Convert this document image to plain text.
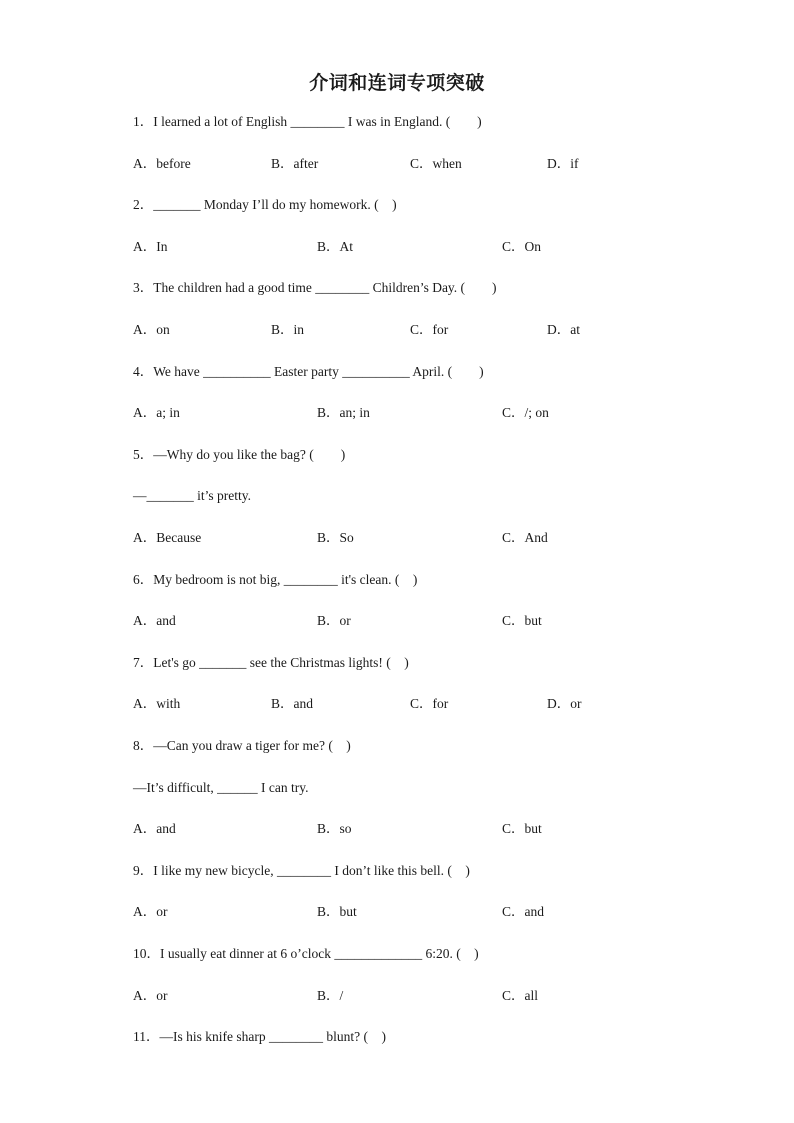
介词和连词专项突破
1．I learned a lot of English ________ I was in England. (　　)
A．before	B．after	C．when	D．if
2．_______ Monday I’ll do my homework. (　)
A．In	B．At	C．On
3．The children had a good time ________ Children’s Day. (　　)
A．on	B．in	C．for	D．at
4．We have __________ Easter party __________ April. (　　)
A．a; in	B．an; in	C．/; on
5．—Why do you like the bag? (　　)
—_______ it’s pretty.
A．Because	B．So	C．And
6．My bedroom is not big, ________ it's clean. (　)
A．and	B．or	C．but
7．Let's go _______ see the Christmas lights! (　)
A．with	B．and	C．for	D．or
8．—Can you draw a tiger for me? (　)
—It’s difficult, ______ I can try.
A．and	B．so	C．but
9．I like my new bicycle, ________ I don’t like this bell. (　)
A．or	B．but	C．and
10．I usually eat dinner at 6 o’clock _____________ 6:20. (　)
A．or	B．/	C．all
11．—Is his knife sharp ________ blunt? (　)
